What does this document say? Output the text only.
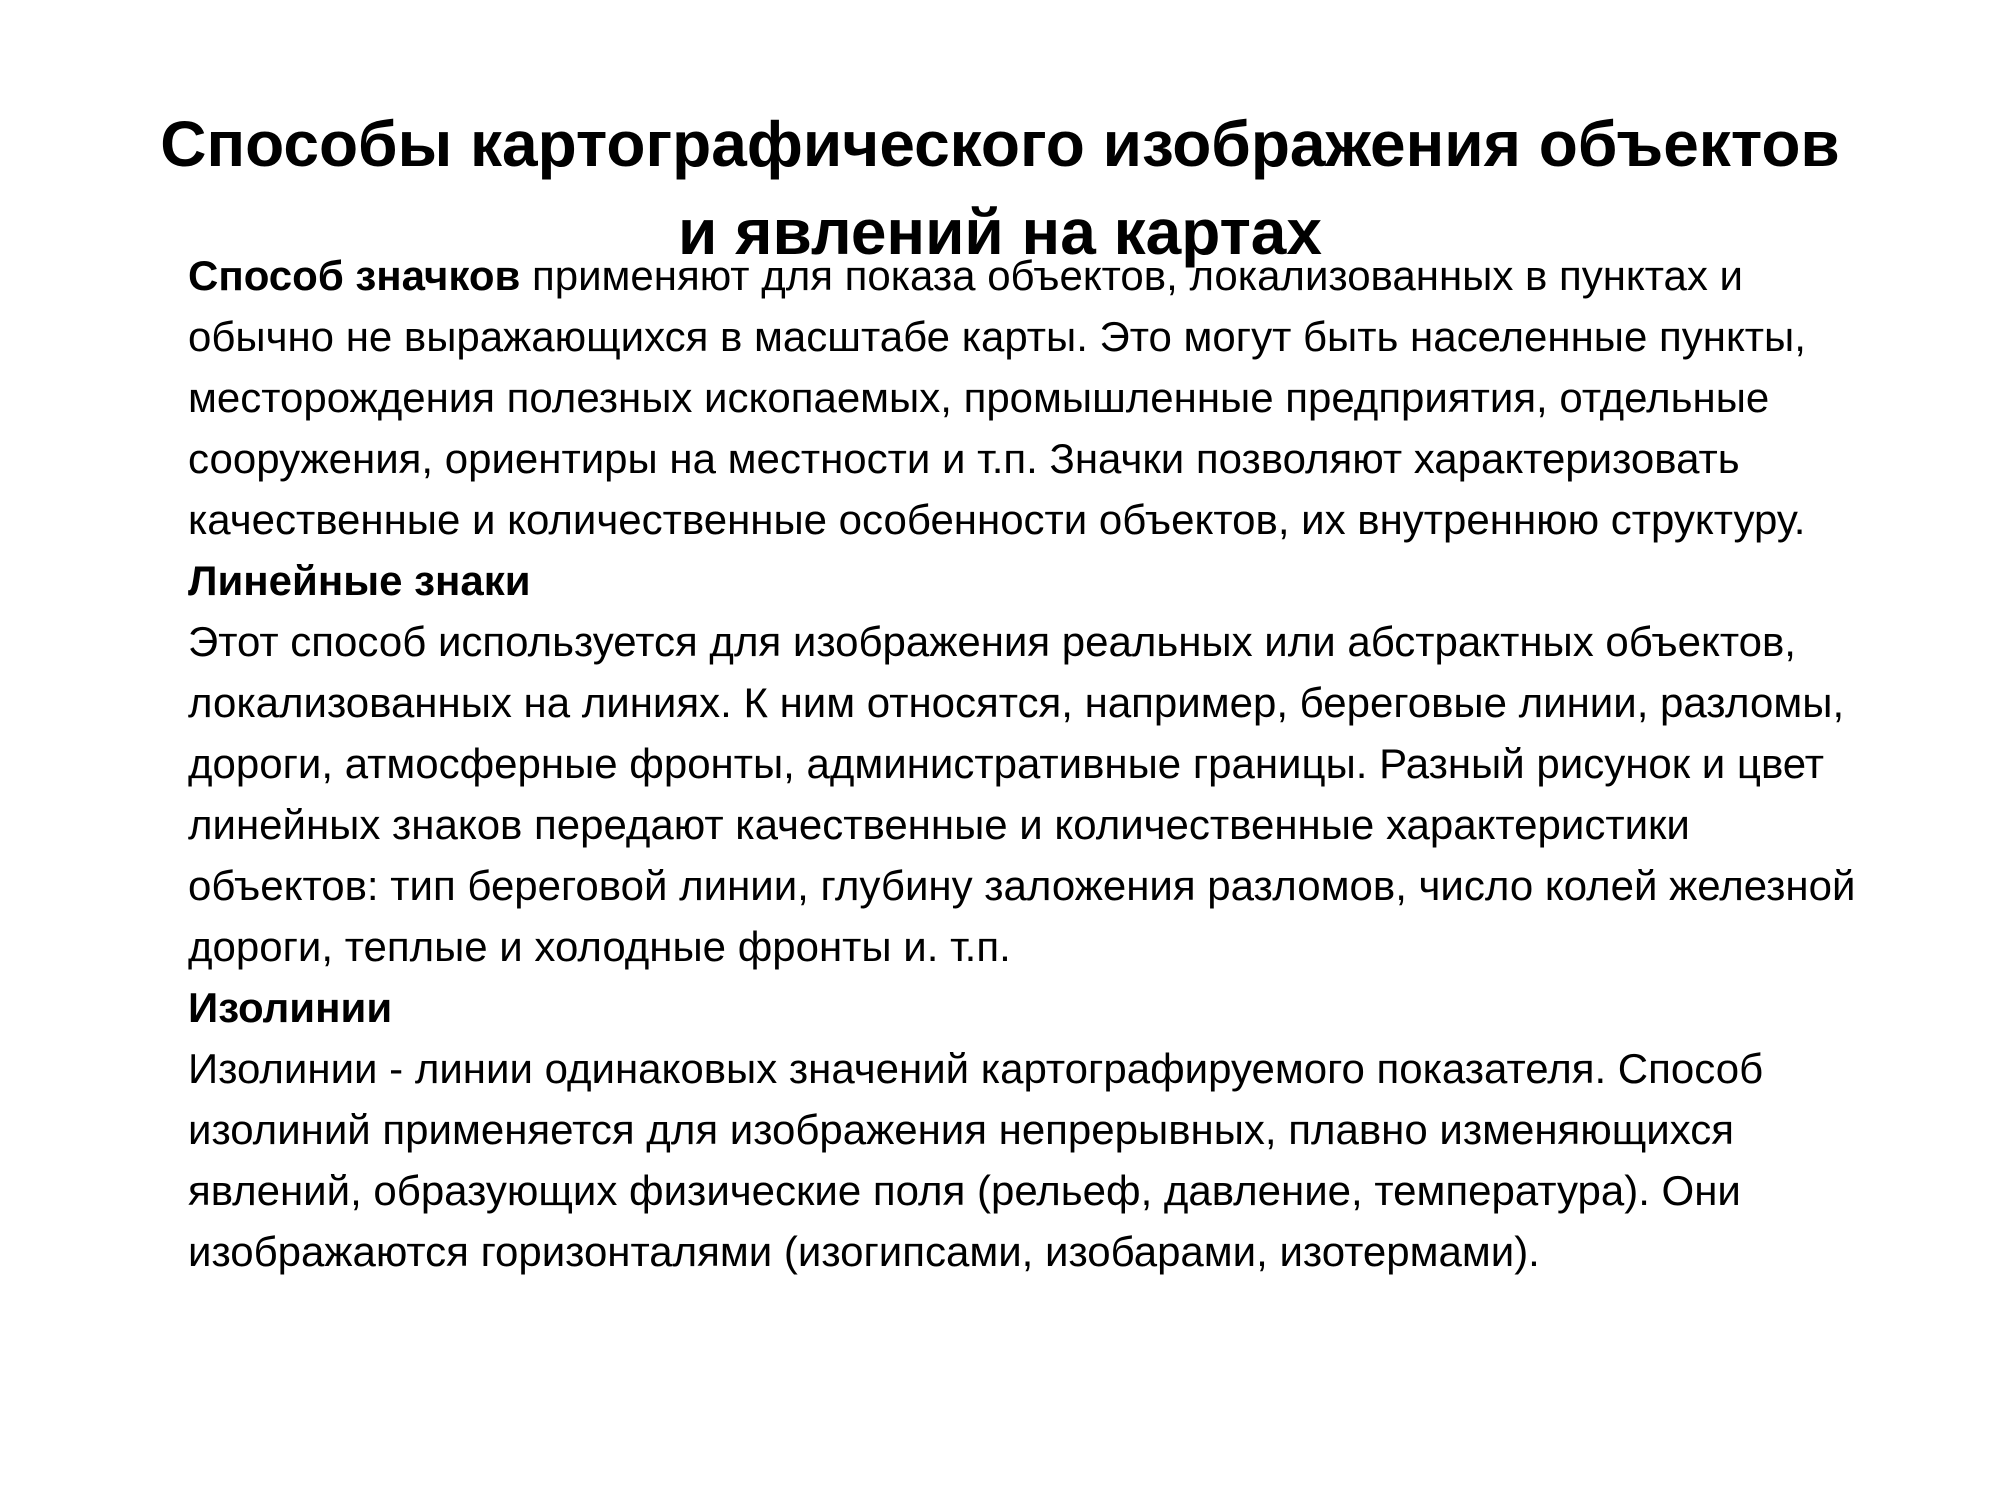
Способы картографического изображения объектов
и явлений на картах

Способ значков применяют для показа объектов, локализованных в пунктах и обычно не выражающихся в масштабе карты. Это могут быть населенные пункты, месторождения полезных ископаемых, промышленные предприятия, отдельные сооружения, ориентиры на местности и т.п. Значки позволяют характеризовать качественные и количественные особенности объектов, их внутреннюю структуру.

Линейные знаки

Этот способ используется для изображения реальных или абстрактных объектов, локализованных на линиях. К ним относятся, например, береговые линии, разломы, дороги, атмосферные фронты, административные границы. Разный рисунок и цвет линейных знаков передают качественные и количественные характеристики объектов: тип береговой линии, глубину заложения разломов, число колей железной дороги, теплые и холодные фронты и. т.п.

Изолинии

Изолинии - линии одинаковых значений картографируемого показателя. Способ изолиний применяется для изображения непрерывных, плавно изменяющихся явлений, образующих физические поля (рельеф, давление, температура). Они изображаются горизонталями (изогипсами, изобарами, изотермами).
